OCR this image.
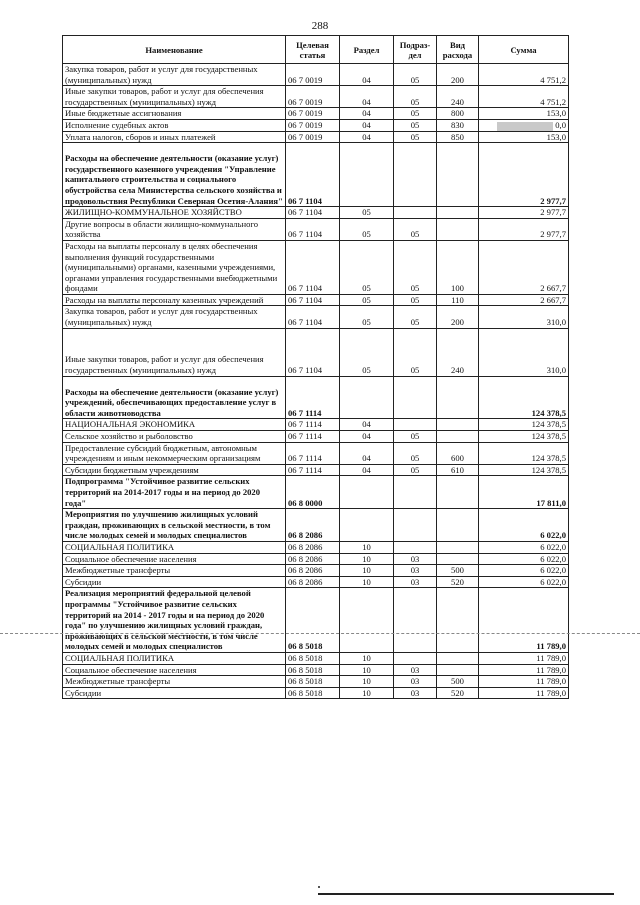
288
Наименование	Целевая статья	Раздел	Подраз-дел	Вид расхода	Сумма
Закупка товаров, работ и услуг для государственных (муниципальных) нужд	06 7 0019	04	05	200	4 751,2
Иные закупки товаров, работ и услуг для обеспечения государственных (муниципальных) нужд	06 7 0019	04	05	240	4 751,2
Иные бюджетные ассигнования	06 7 0019	04	05	800	153,0
Исполнение судебных актов	06 7 0019	04	05	830	0,0
Уплата налогов, сборов и иных платежей	06 7 0019	04	05	850	153,0
Расходы на обеспечение деятельности (оказание услуг) государственного казенного учреждения "Управление капитального строительства и социального обустройства села Министерства сельского хозяйства и продовольствия Республики Северная Осетия-Алания"	06 7 1104				2 977,7
ЖИЛИЩНО-КОММУНАЛЬНОЕ ХОЗЯЙСТВО	06 7 1104	05			2 977,7
Другие вопросы в области жилищно-коммунального хозяйства	06 7 1104	05	05		2 977,7
Расходы на выплаты персоналу в целях обеспечения выполнения функций государственными (муниципальными) органами, казенными учреждениями, органами управления государственными внебюджетными фондами	06 7 1104	05	05	100	2 667,7
Расходы на выплаты персоналу казенных учреждений	06 7 1104	05	05	110	2 667,7
Закупка товаров, работ и услуг для государственных (муниципальных) нужд	06 7 1104	05	05	200	310,0
Иные закупки товаров, работ и услуг для обеспечения государственных (муниципальных) нужд	06 7 1104	05	05	240	310,0
Расходы на обеспечение деятельности (оказание услуг) учреждений, обеспечивающих предоставление услуг в области животноводства	06 7 1114				124 378,5
НАЦИОНАЛЬНАЯ ЭКОНОМИКА	06 7 1114	04			124 378,5
Сельское хозяйство и рыболовство	06 7 1114	04	05		124 378,5
Предоставление субсидий бюджетным, автономным учреждениям и иным некоммерческим организациям	06 7 1114	04	05	600	124 378,5
Субсидии бюджетным учреждениям	06 7 1114	04	05	610	124 378,5
Подпрограмма "Устойчивое развитие сельских территорий на 2014-2017 годы и на период до 2020 года"	06 8 0000				17 811,0
Мероприятия по улучшению жилищных условий граждан, проживающих в сельской местности, в том числе молодых семей и молодых специалистов	06 8 2086				6 022,0
СОЦИАЛЬНАЯ ПОЛИТИКА	06 8 2086	10			6 022,0
Социальное обеспечение населения	06 8 2086	10	03		6 022,0
Межбюджетные трансферты	06 8 2086	10	03	500	6 022,0
Субсидии	06 8 2086	10	03	520	6 022,0
Реализация мероприятий федеральной целевой программы "Устойчивое развитие сельских территорий на 2014 - 2017 годы и на период до 2020 года" по улучшению жилищных условий граждан, проживающих в сельской местности, в том числе молодых семей и молодых специалистов	06 8 5018				11 789,0
СОЦИАЛЬНАЯ ПОЛИТИКА	06 8 5018	10			11 789,0
Социальное обеспечение населения	06 8 5018	10	03		11 789,0
Межбюджетные трансферты	06 8 5018	10	03	500	11 789,0
Субсидии	06 8 5018	10	03	520	11 789,0
